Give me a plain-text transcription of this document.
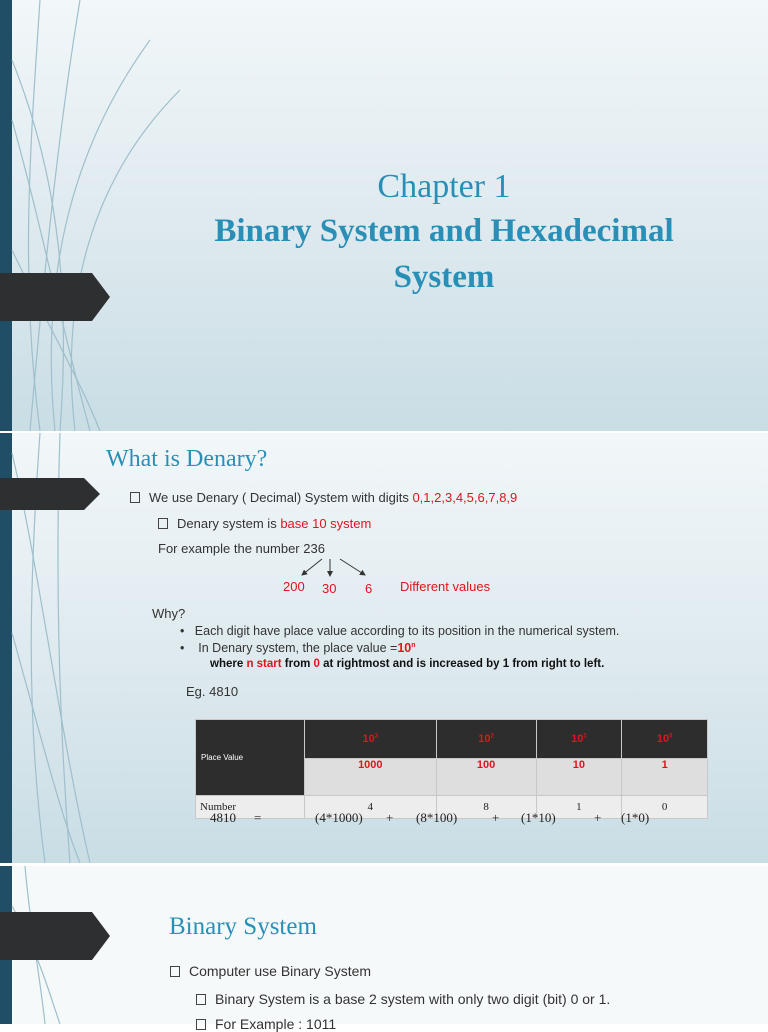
Chapter 1
Binary System and Hexadecimal
System
What is Denary?
We use Denary ( Decimal) System with digits 0,1,2,3,4,5,6,7,8,9
Denary system is base 10 system
For example the number 236
200 30 6 Different values
Why?
•   Each digit have place value according to its position in the numerical system.
•    In Denary system, the place value $=10^n$
where n start from 0 at rightmost and is increased by 1 from right to left.
Eg. 4810
Place Value	$10^3$	$10^2$	$10^1$	$10^0$
	1000	100	10	1
Number	4	8	1	0
4810 =	(4*1000) + (8*100)	+ (1*10)	+ (1*0)
Binary System
Computer use Binary System
Binary System is a base 2 system with only two digit (bit) 0 or 1.
For Example : 1011
